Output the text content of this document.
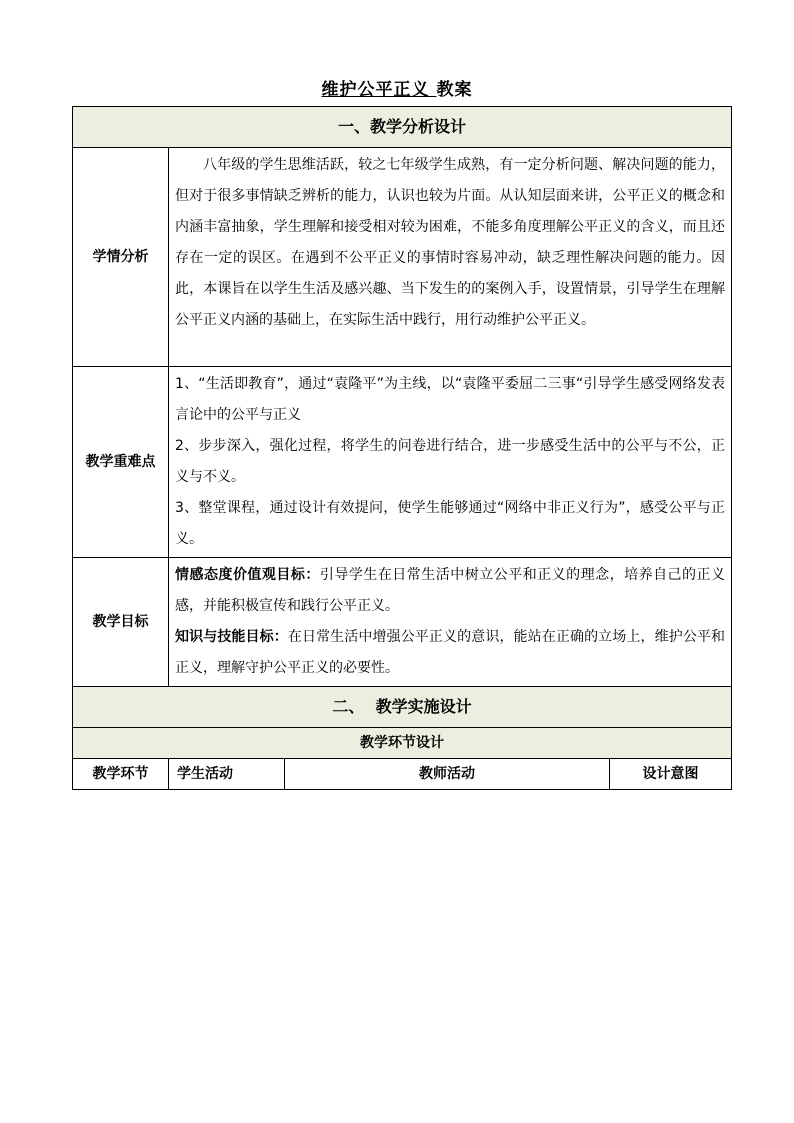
维护公平正义 教案
一、教学分析设计			
学情分析	八年级的学生思维活跃，较之七年级学生成熟，有一定分析问题、解决问题的能力，但对于很多事情缺乏辨析的能力，认识也较为片面。从认知层面来讲，公平正义的概念和内涵丰富抽象，学生理解和接受相对较为困难，不能多角度理解公平正义的含义，而且还存在一定的误区。在遇到不公平正义的事情时容易冲动，缺乏理性解决问题的能力。因此，本课旨在以学生生活及感兴趣、当下发生的的案例入手，设置情景，引导学生在理解公平正义内涵的基础上，在实际生活中践行，用行动维护公平正义。		

教学重难点	1、“生活即教育”，通过“袁隆平”为主线，以“袁隆平委屈二三事“引导学生感受网络发表言论中的公平与正义

2、步步深入，强化过程，将学生的问卷进行结合，进一步感受生活中的公平与不公，正义与不义。

3、整堂课程，通过设计有效提问，使学生能够通过“网络中非正义行为”，感受公平与正义。		

教学目标	情感态度价值观目标：引导学生在日常生活中树立公平和正义的理念，培养自己的正义感，并能积极宣传和践行公平正义。

知识与技能目标：在日常生活中增强公平正义的意识，能站在正确的立场上，维护公平和正义，理解守护公平正义的必要性。		

二、  教学实施设计			
教学环节设计			
教学环节	学生活动	教师活动	设计意图
